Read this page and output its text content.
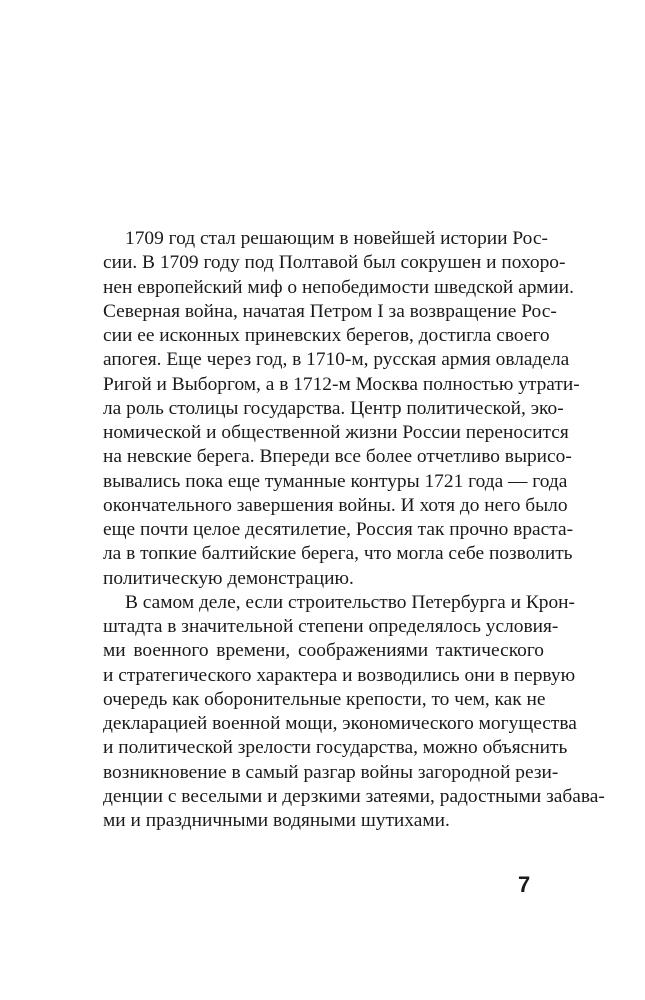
1709 год стал решающим в новейшей истории Рос-
сии. В 1709 году под Полтавой был сокрушен и похоро-
нен европейский миф о непобедимости шведской армии.
Северная война, начатая Петром I за возвращение Рос-
сии ее исконных приневских берегов, достигла своего
апогея. Еще через год, в 1710-м, русская армия овладела
Ригой и Выборгом, а в 1712-м Москва полностью утрати-
ла роль столицы государства. Центр политической, эко-
номической и общественной жизни России переносится
на невские берега. Впереди все более отчетливо вырисо-
вывались пока еще туманные контуры 1721 года — года
окончательного завершения войны. И хотя до него было
еще почти целое десятилетие, Россия так прочно враста-
ла в топкие балтийские берега, что могла себе позволить
политическую демонстрацию.
В самом деле, если строительство Петербурга и Крон-
штадта в значительной степени определялось условия-
ми военного времени, соображениями тактического
и стратегического характера и возводились они в первую
очередь как оборонительные крепости, то чем, как не
декларацией военной мощи, экономического могущества
и политической зрелости государства, можно объяснить
возникновение в самый разгар войны загородной рези-
денции с веселыми и дерзкими затеями, радостными забава-
ми и праздничными водяными шутихами.
7
